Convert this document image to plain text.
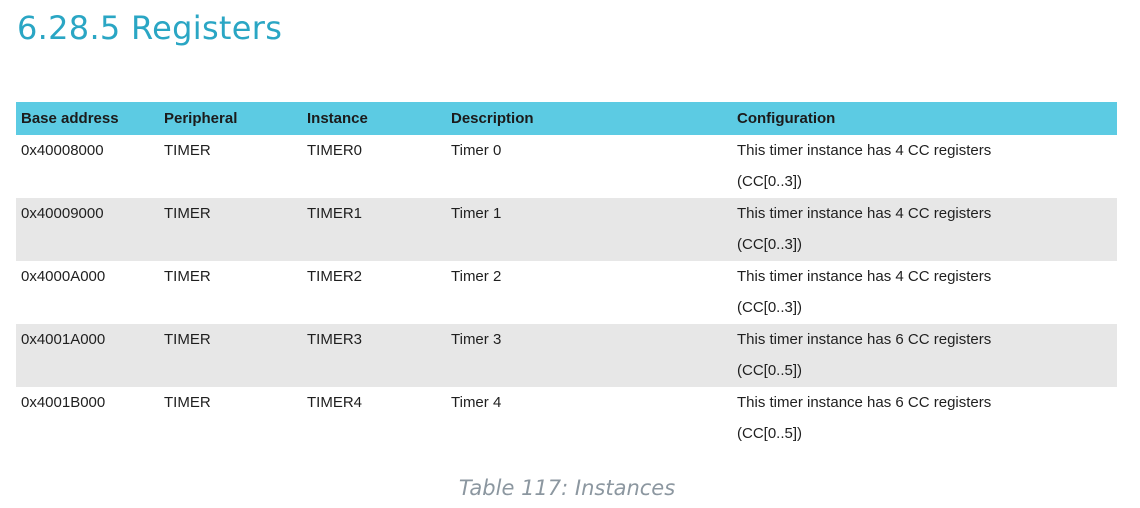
6.28.5 Registers
Base address	Peripheral	Instance	Description	Configuration
0x40008000	TIMER	TIMER0	Timer 0	This timer instance has 4 CC registers
(CC[0..3])
0x40009000	TIMER	TIMER1	Timer 1	This timer instance has 4 CC registers
(CC[0..3])
0x4000A000	TIMER	TIMER2	Timer 2	This timer instance has 4 CC registers
(CC[0..3])
0x4001A000	TIMER	TIMER3	Timer 3	This timer instance has 6 CC registers
(CC[0..5])
0x4001B000	TIMER	TIMER4	Timer 4	This timer instance has 6 CC registers
(CC[0..5])
Table 117: Instances
